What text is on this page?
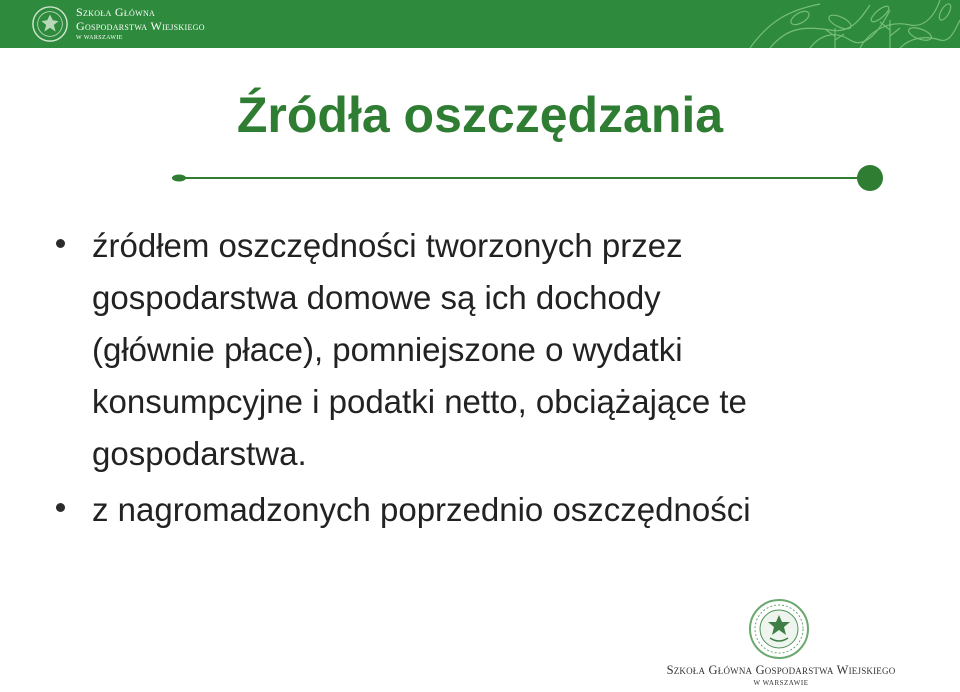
Szkoła Główna
Gospodarstwa Wiejskiego
W WARSZAWIE
Źródła oszczędzania
źródłem oszczędności tworzonych przez
gospodarstwa domowe są ich dochody
(głównie płace), pomniejszone o wydatki
konsumpcyjne i podatki netto, obciążające te
gospodarstwa.
z nagromadzonych poprzednio oszczędności
Szkoła Główna Gospodarstwa Wiejskiego
W WARSZAWIE
